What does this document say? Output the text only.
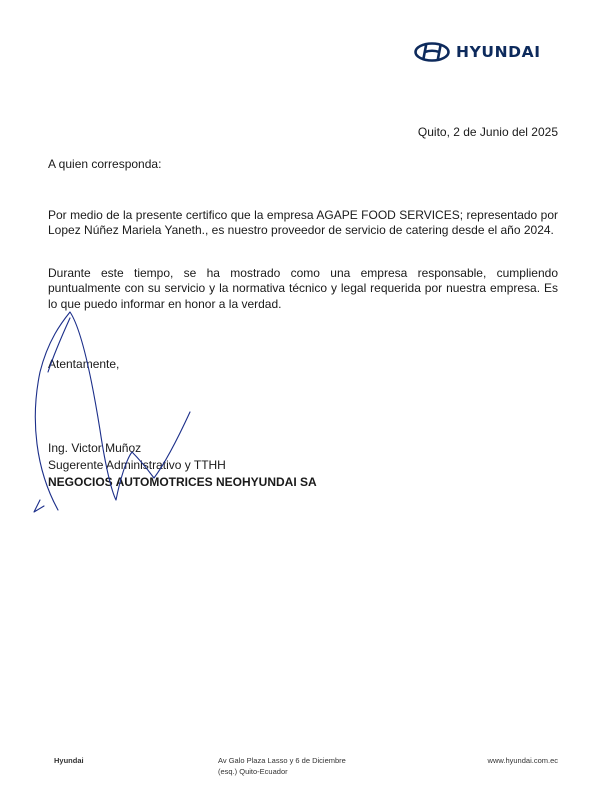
HYUNDAI
Quito, 2 de Junio del 2025
A quien corresponda:
Por medio de la presente certifico que la empresa AGAPE FOOD SERVICES; representado por Lopez Núñez Mariela Yaneth., es nuestro proveedor de servicio de catering desde el año 2024.
Durante este tiempo, se ha mostrado como una empresa responsable, cumpliendo puntualmente con su servicio y la normativa técnico y legal requerida por nuestra empresa. Es lo que puedo informar en honor a la verdad.
Atentamente,
Ing. Victor Muñoz
Sugerente Administrativo y TTHH
NEGOCIOS AUTOMOTRICES NEOHYUNDAI SA
Hyundai	Av Galo Plaza Lasso y 6 de Diciembre
(esq.) Quito-Ecuador
www.hyundai.com.ec
